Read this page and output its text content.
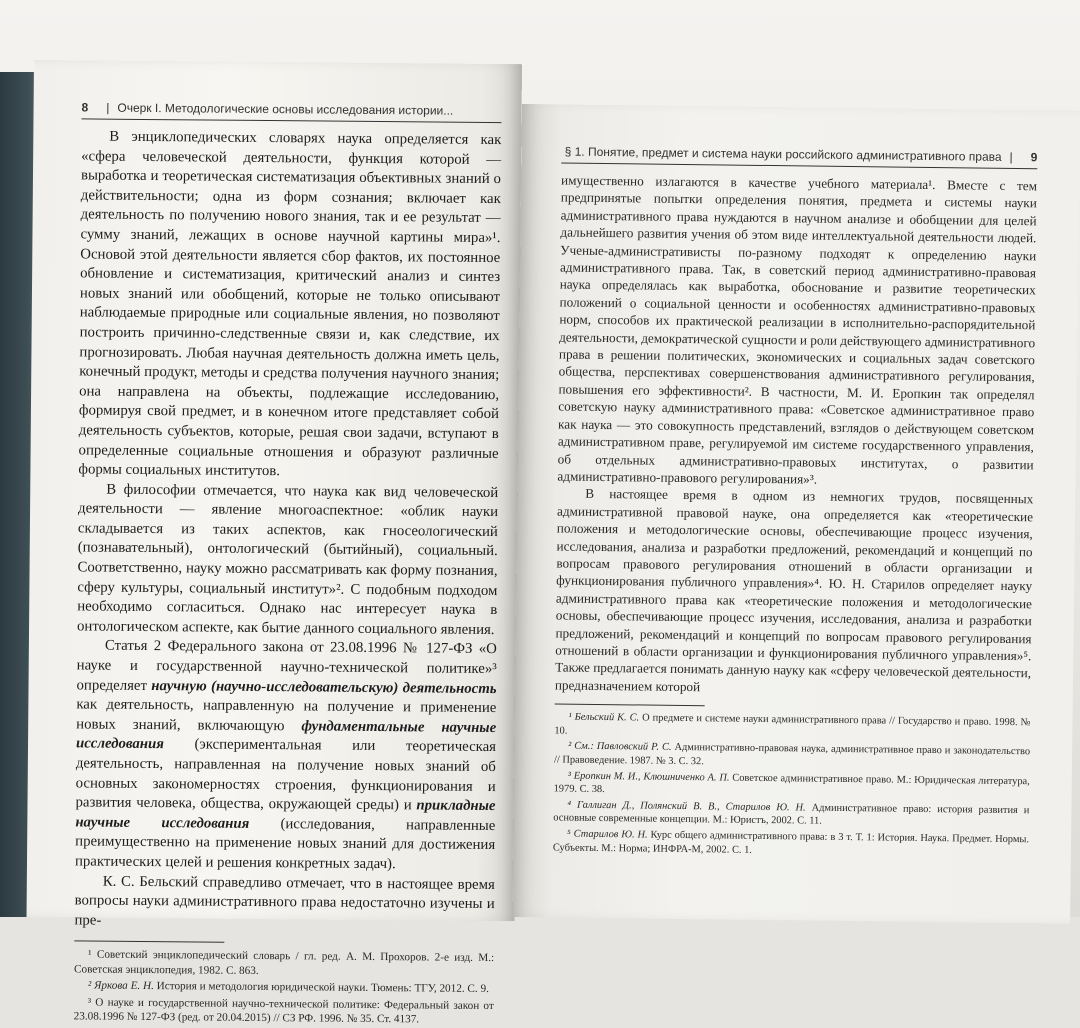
8 | Очерк I. Методологические основы исследования истории...

В энциклопедических словарях наука определяется как «сфера человеческой деятельности, функция которой — выработка и теоретическая систематизация объективных знаний о действительности; одна из форм сознания; включает как деятельность по получению нового знания, так и ее результат — сумму знаний, лежащих в основе научной картины мира»¹. Основой этой деятельности является сбор фактов, их постоянное обновление и систематизация, критический анализ и синтез новых знаний или обобщений, которые не только описывают наблюдаемые природные или социальные явления, но позволяют построить причинно-следственные связи и, как следствие, их прогнозировать. Любая научная деятельность должна иметь цель, конечный продукт, методы и средства получения научного знания; она направлена на объекты, подлежащие исследованию, формируя свой предмет, и в конечном итоге представляет собой деятельность субъектов, которые, решая свои задачи, вступают в определенные социальные отношения и образуют различные формы социальных институтов.

В философии отмечается, что наука как вид человеческой деятельности — явление многоаспектное: «облик науки складывается из таких аспектов, как гносеологический (познавательный), онтологический (бытийный), социальный. Соответственно, науку можно рассматривать как форму познания, сферу культуры, социальный институт»². С подобным подходом необходимо согласиться. Однако нас интересует наука в онтологическом аспекте, как бытие данного социального явления.

Статья 2 Федерального закона от 23.08.1996 № 127-ФЗ «О науке и государственной научно-технической политике»³ определяет научную (научно-исследовательскую) деятельность как деятельность, направленную на получение и применение новых знаний, включающую фундаментальные научные исследования (экспериментальная или теоретическая деятельность, направленная на получение новых знаний об основных закономерностях строения, функционирования и развития человека, общества, окружающей среды) и прикладные научные исследования (исследования, направленные преимущественно на применение новых знаний для достижения практических целей и решения конкретных задач).

К. С. Бельский справедливо отмечает, что в настоящее время вопросы науки административного права недостаточно изучены и пре-

¹ Советский энциклопедический словарь / гл. ред. А. М. Прохоров. 2-е изд. М.: Советская энциклопедия, 1982. С. 863.

² Яркова Е. Н. История и методология юридической науки. Тюмень: ТГУ, 2012. С. 9.

³ О науке и государственной научно-технической политике: Федеральный закон от 23.08.1996 № 127-ФЗ (ред. от 20.04.2015) // СЗ РФ. 1996. № 35. Ст. 4137.

§ 1. Понятие, предмет и система науки российского административного права | 9

имущественно излагаются в качестве учебного материала¹. Вместе с тем предпринятые попытки определения понятия, предмета и системы науки административного права нуждаются в научном анализе и обобщении для целей дальнейшего развития учения об этом виде интеллектуальной деятельности людей. Ученые-административисты по-разному подходят к определению науки административного права. Так, в советский период административно-правовая наука определялась как выработка, обоснование и развитие теоретических положений о социальной ценности и особенностях административно-правовых норм, способов их практической реализации в исполнительно-распорядительной деятельности, демократической сущности и роли действующего административного права в решении политических, экономических и социальных задач советского общества, перспективах совершенствования административного регулирования, повышения его эффективности². В частности, М. И. Еропкин так определял советскую науку административного права: «Советское административное право как наука — это совокупность представлений, взглядов о действующем советском административном праве, регулируемой им системе государственного управления, об отдельных административно-правовых институтах, о развитии административно-правового регулирования»³.

В настоящее время в одном из немногих трудов, посвященных административной правовой науке, она определяется как «теоретические положения и методологические основы, обеспечивающие процесс изучения, исследования, анализа и разработки предложений, рекомендаций и концепций по вопросам правового регулирования отношений в области организации и функционирования публичного управления»⁴. Ю. Н. Старилов определяет науку административного права как «теоретические положения и методологические основы, обеспечивающие процесс изучения, исследования, анализа и разработки предложений, рекомендаций и концепций по вопросам правового регулирования отношений в области организации и функционирования публичного управления»⁵. Также предлагается понимать данную науку как «сферу человеческой деятельности, предназначением которой

¹ Бельский К. С. О предмете и системе науки административного права // Государство и право. 1998. № 10.

² См.: Павловский Р. С. Административно-правовая наука, административное право и законодательство // Правоведение. 1987. № 3. С. 32.

³ Еропкин М. И., Клюшниченко А. П. Советское административное право. М.: Юридическая литература, 1979. С. 38.

⁴ Галлиган Д., Полянский В. В., Старилов Ю. Н. Административное право: история развития и основные современные концепции. М.: Юристъ, 2002. С. 11.

⁵ Старилов Ю. Н. Курс общего административного права: в 3 т. Т. 1: История. Наука. Предмет. Нормы. Субъекты. М.: Норма; ИНФРА-М, 2002. С. 1.
